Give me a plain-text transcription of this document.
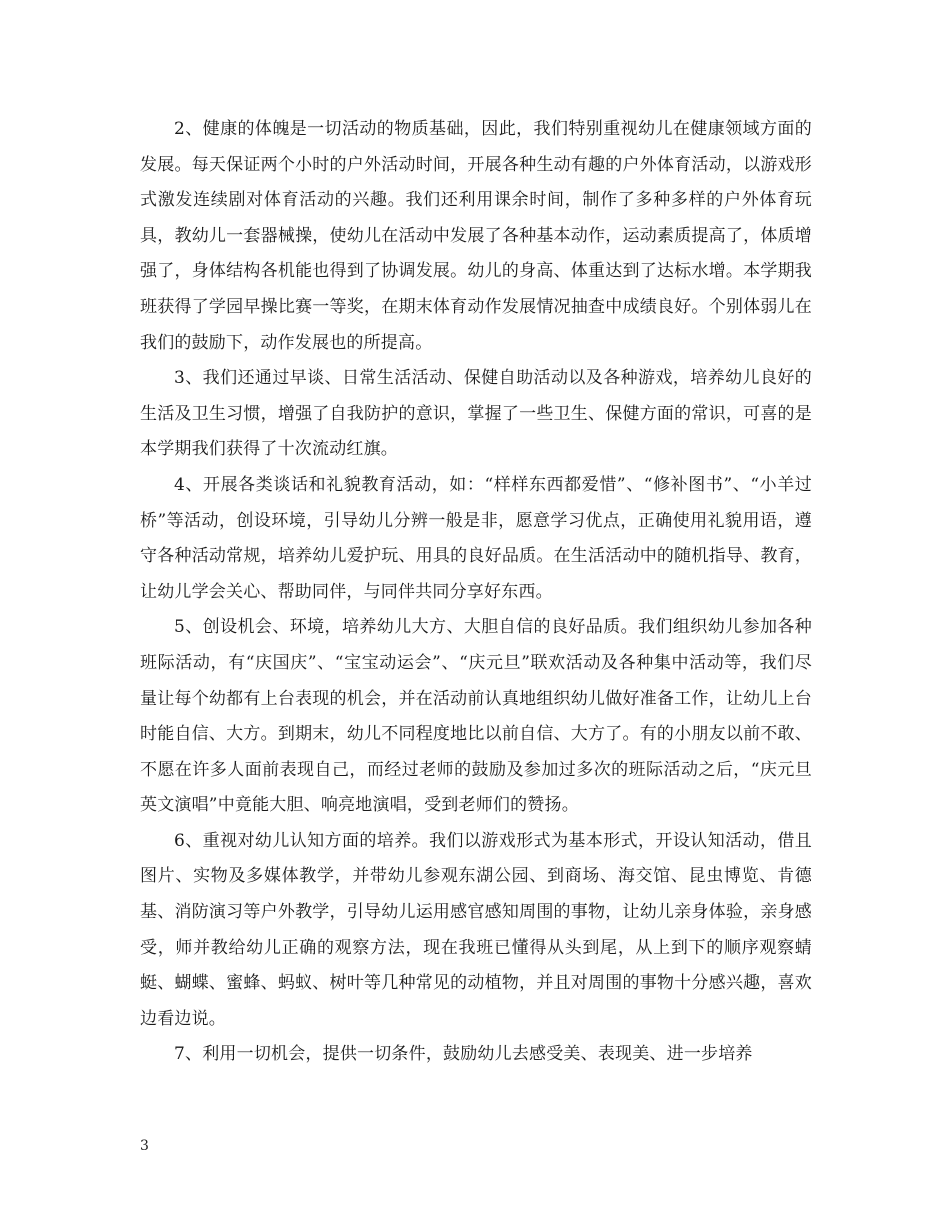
2、健康的体魄是一切活动的物质基础，因此，我们特别重视幼儿在健康领域方面的发展。每天保证两个小时的户外活动时间，开展各种生动有趣的户外体育活动，以游戏形式激发连续剧对体育活动的兴趣。我们还利用课余时间，制作了多种多样的户外体育玩具，教幼儿一套器械操，使幼儿在活动中发展了各种基本动作，运动素质提高了，体质增强了，身体结构各机能也得到了协调发展。幼儿的身高、体重达到了达标水增。本学期我班获得了学园早操比赛一等奖，在期末体育动作发展情况抽查中成绩良好。个别体弱儿在我们的鼓励下，动作发展也的所提高。

3、我们还通过早谈、日常生活活动、保健自助活动以及各种游戏，培养幼儿良好的生活及卫生习惯，增强了自我防护的意识，掌握了一些卫生、保健方面的常识，可喜的是本学期我们获得了十次流动红旗。

4、开展各类谈话和礼貌教育活动，如：“样样东西都爱惜”、“修补图书”、“小羊过桥”等活动，创设环境，引导幼儿分辨一般是非，愿意学习优点，正确使用礼貌用语，遵守各种活动常规，培养幼儿爱护玩、用具的良好品质。在生活活动中的随机指导、教育，让幼儿学会关心、帮助同伴，与同伴共同分享好东西。

5、创设机会、环境，培养幼儿大方、大胆自信的良好品质。我们组织幼儿参加各种班际活动，有“庆国庆”、“宝宝动运会”、“庆元旦”联欢活动及各种集中活动等，我们尽量让每个幼都有上台表现的机会，并在活动前认真地组织幼儿做好准备工作，让幼儿上台时能自信、大方。到期末，幼儿不同程度地比以前自信、大方了。有的小朋友以前不敢、不愿在许多人面前表现自己，而经过老师的鼓励及参加过多次的班际活动之后，“庆元旦英文演唱”中竟能大胆、响亮地演唱，受到老师们的赞扬。

6、重视对幼儿认知方面的培养。我们以游戏形式为基本形式，开设认知活动，借且图片、实物及多媒体教学，并带幼儿参观东湖公园、到商场、海交馆、昆虫博览、肯德基、消防演习等户外教学，引导幼儿运用感官感知周围的事物，让幼儿亲身体验，亲身感受，师并教给幼儿正确的观察方法，现在我班已懂得从头到尾，从上到下的顺序观察蜻蜓、蝴蝶、蜜蜂、蚂蚁、树叶等几种常见的动植物，并且对周围的事物十分感兴趣，喜欢边看边说。

7、利用一切机会，提供一切条件，鼓励幼儿去感受美、表现美、进一步培养

3
